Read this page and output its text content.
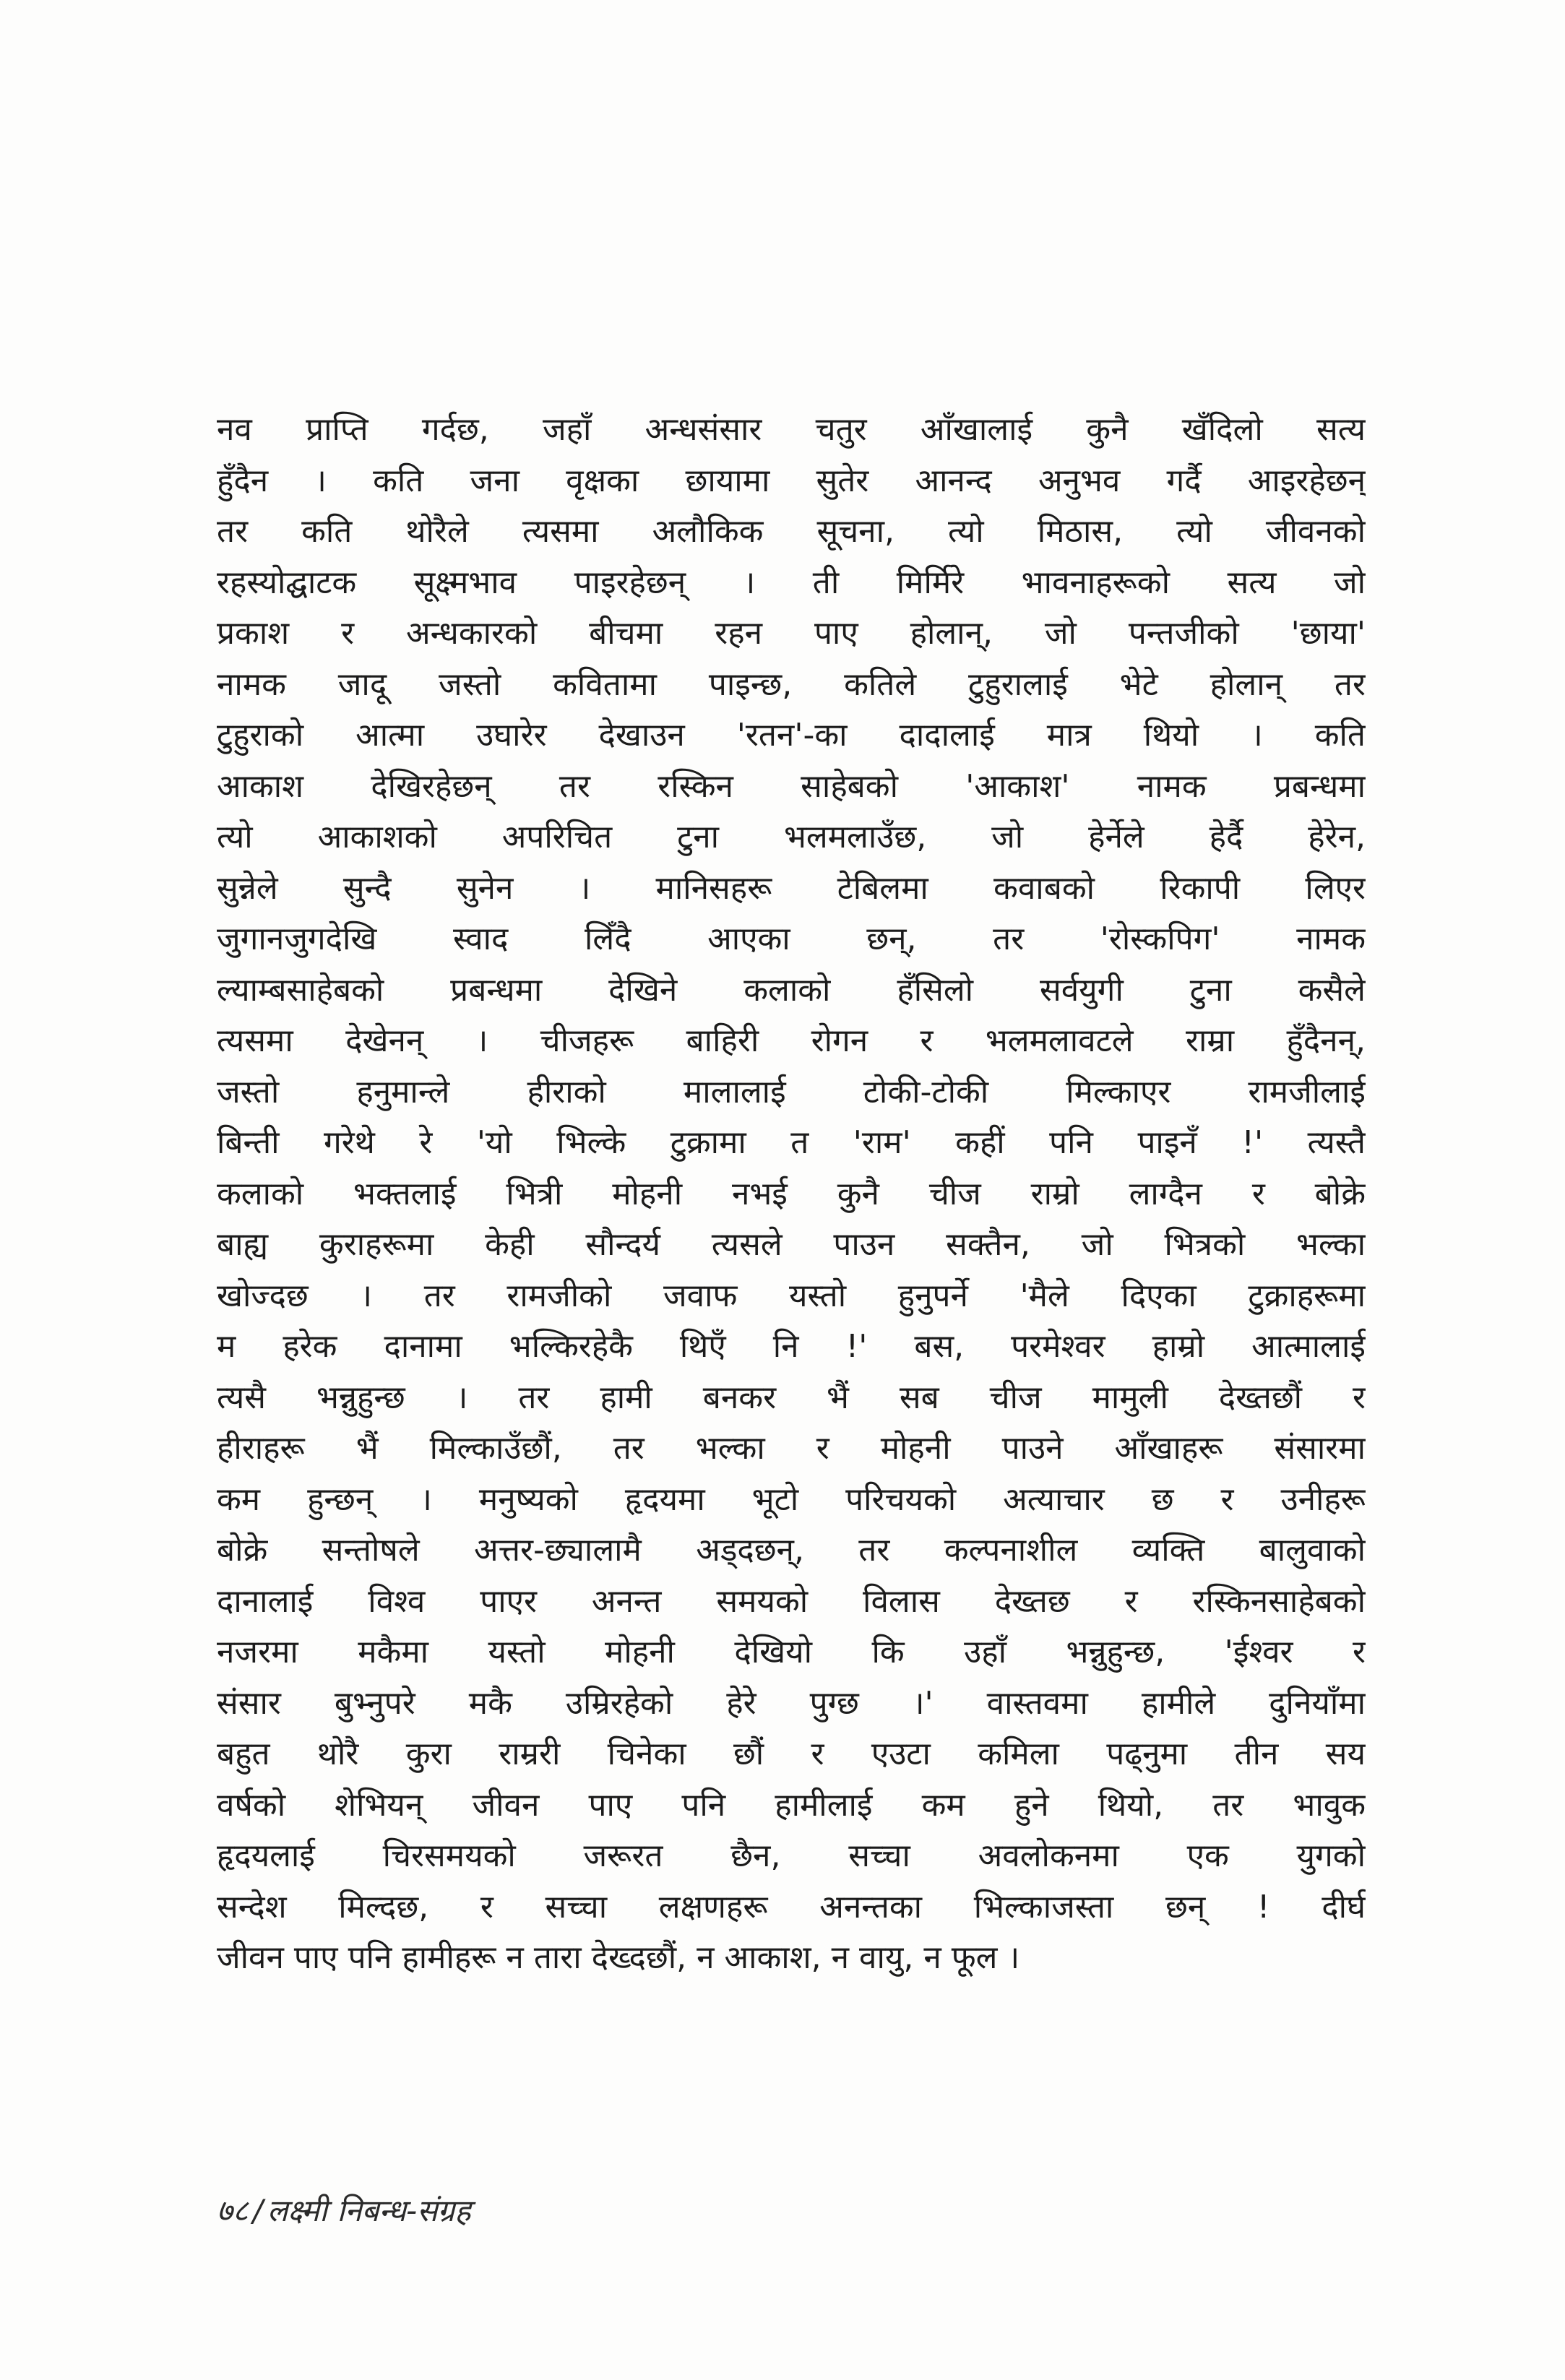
नव प्राप्ति गर्दछ, जहाँ अन्धसंसार चतुर आँखालाई कुनै खँदिलो सत्य
हुँदैन । कति जना वृक्षका छायामा सुतेर आनन्द अनुभव गर्दै आइरहेछन्
तर कति थोरैले त्यसमा अलौकिक सूचना, त्यो मिठास, त्यो जीवनको
रहस्योद्घाटक सूक्ष्मभाव पाइरहेछन् । ती मिर्मिरे भावनाहरूको सत्य जो
प्रकाश र अन्धकारको बीचमा रहन पाए होलान्, जो पन्तजीको 'छाया'
नामक जादू जस्तो कवितामा पाइन्छ, कतिले टुहुरालाई भेटे होलान् तर
टुहुराको आत्मा उघारेर देखाउन 'रतन'-का दादालाई मात्र थियो । कति
आकाश देखिरहेछन् तर रस्किन साहेबको 'आकाश' नामक प्रबन्धमा
त्यो आकाशको अपरिचित टुना भलमलाउँछ, जो हेर्नेले हेर्दै हेरेन,
सुन्नेले सुन्दै सुनेन । मानिसहरू टेबिलमा कवाबको रिकापी लिएर
जुगानजुगदेखि स्वाद लिँदै आएका छन्, तर 'रोस्कपिग' नामक
ल्याम्बसाहेबको प्रबन्धमा देखिने कलाको हँसिलो सर्वयुगी टुना कसैले
त्यसमा देखेनन् । चीजहरू बाहिरी रोगन र भलमलावटले राम्रा हुँदैनन्,
जस्तो हनुमान्ले हीराको मालालाई टोकी-टोकी मिल्काएर रामजीलाई
बिन्ती गरेथे रे 'यो भिल्के टुक्रामा त 'राम' कहीं पनि पाइनँ !' त्यस्तै
कलाको भक्तलाई भित्री मोहनी नभई कुनै चीज राम्रो लाग्दैन र बोक्रे
बाह्य कुराहरूमा केही सौन्दर्य त्यसले पाउन सक्तैन, जो भित्रको भल्का
खोज्दछ । तर रामजीको जवाफ यस्तो हुनुपर्ने 'मैले दिएका टुक्राहरूमा
म हरेक दानामा भल्किरहेकै थिएँ नि !' बस, परमेश्वर हाम्रो आत्मालाई
त्यसै भन्नुहुन्छ । तर हामी बनकर भैं सब चीज मामुली देख्तछौं र
हीराहरू भैं मिल्काउँछौं, तर भल्का र मोहनी पाउने आँखाहरू संसारमा
कम हुन्छन् । मनुष्यको हृदयमा भूटो परिचयको अत्याचार छ र उनीहरू
बोक्रे सन्तोषले अत्तर-छ्यालामै अड्दछन्, तर कल्पनाशील व्यक्ति बालुवाको
दानालाई विश्व पाएर अनन्त समयको विलास देख्तछ र रस्किनसाहेबको
नजरमा मकैमा यस्तो मोहनी देखियो कि उहाँ भन्नुहुन्छ, 'ईश्वर र
संसार बुभ्नुपरे मकै उम्रिरहेको हेरे पुग्छ ।' वास्तवमा हामीले दुनियाँमा
बहुत थोरै कुरा राम्ररी चिनेका छौं र एउटा कमिला पढ्नुमा तीन सय
वर्षको शेभियन् जीवन पाए पनि हामीलाई कम हुने थियो, तर भावुक
हृदयलाई चिरसमयको जरूरत छैन, सच्चा अवलोकनमा एक युगको
सन्देश मिल्दछ, र सच्चा लक्षणहरू अनन्तका भिल्काजस्ता छन् ! दीर्घ
जीवन पाए पनि हामीहरू न तारा देख्दछौं, न आकाश, न वायु, न फूल ।
७८ / लक्ष्मी निबन्ध-संग्रह
